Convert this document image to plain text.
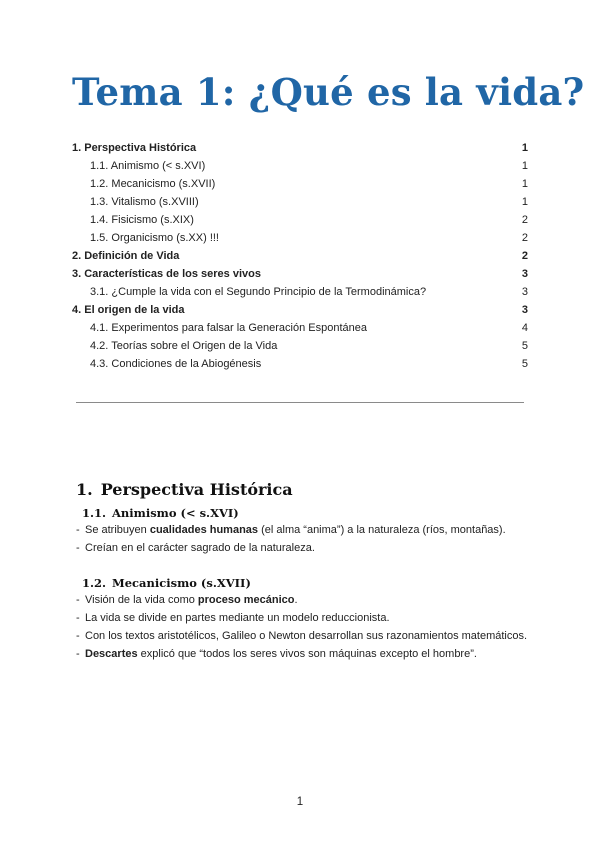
Tema 1: ¿Qué es la vida?
1. Perspectiva Histórica	1
1.1. Animismo (< s.XVI)	1
1.2. Mecanicismo (s.XVII)	1
1.3. Vitalismo (s.XVIII)	1
1.4. Fisicismo (s.XIX)	2
1.5. Organicismo (s.XX) !!!	2
2. Definición de Vida	2
3. Características de los seres vivos	3
3.1. ¿Cumple la vida con el Segundo Principio de la Termodinámica?	3
4. El origen de la vida	3
4.1. Experimentos para falsar la Generación Espontánea	4
4.2. Teorías sobre el Origen de la Vida	5
4.3. Condiciones de la Abiogénesis	5
1. Perspectiva Histórica
1.1. Animismo (< s.XVI)
- Se atribuyen cualidades humanas (el alma “anima”) a la naturaleza (ríos, montañas).
- Creían en el carácter sagrado de la naturaleza.
1.2. Mecanicismo (s.XVII)
- Visión de la vida como proceso mecánico.
- La vida se divide en partes mediante un modelo reduccionista.
- Con los textos aristotélicos, Galileo o Newton desarrollan sus razonamientos matemáticos.
- Descartes explicó que “todos los seres vivos son máquinas excepto el hombre”.
1
